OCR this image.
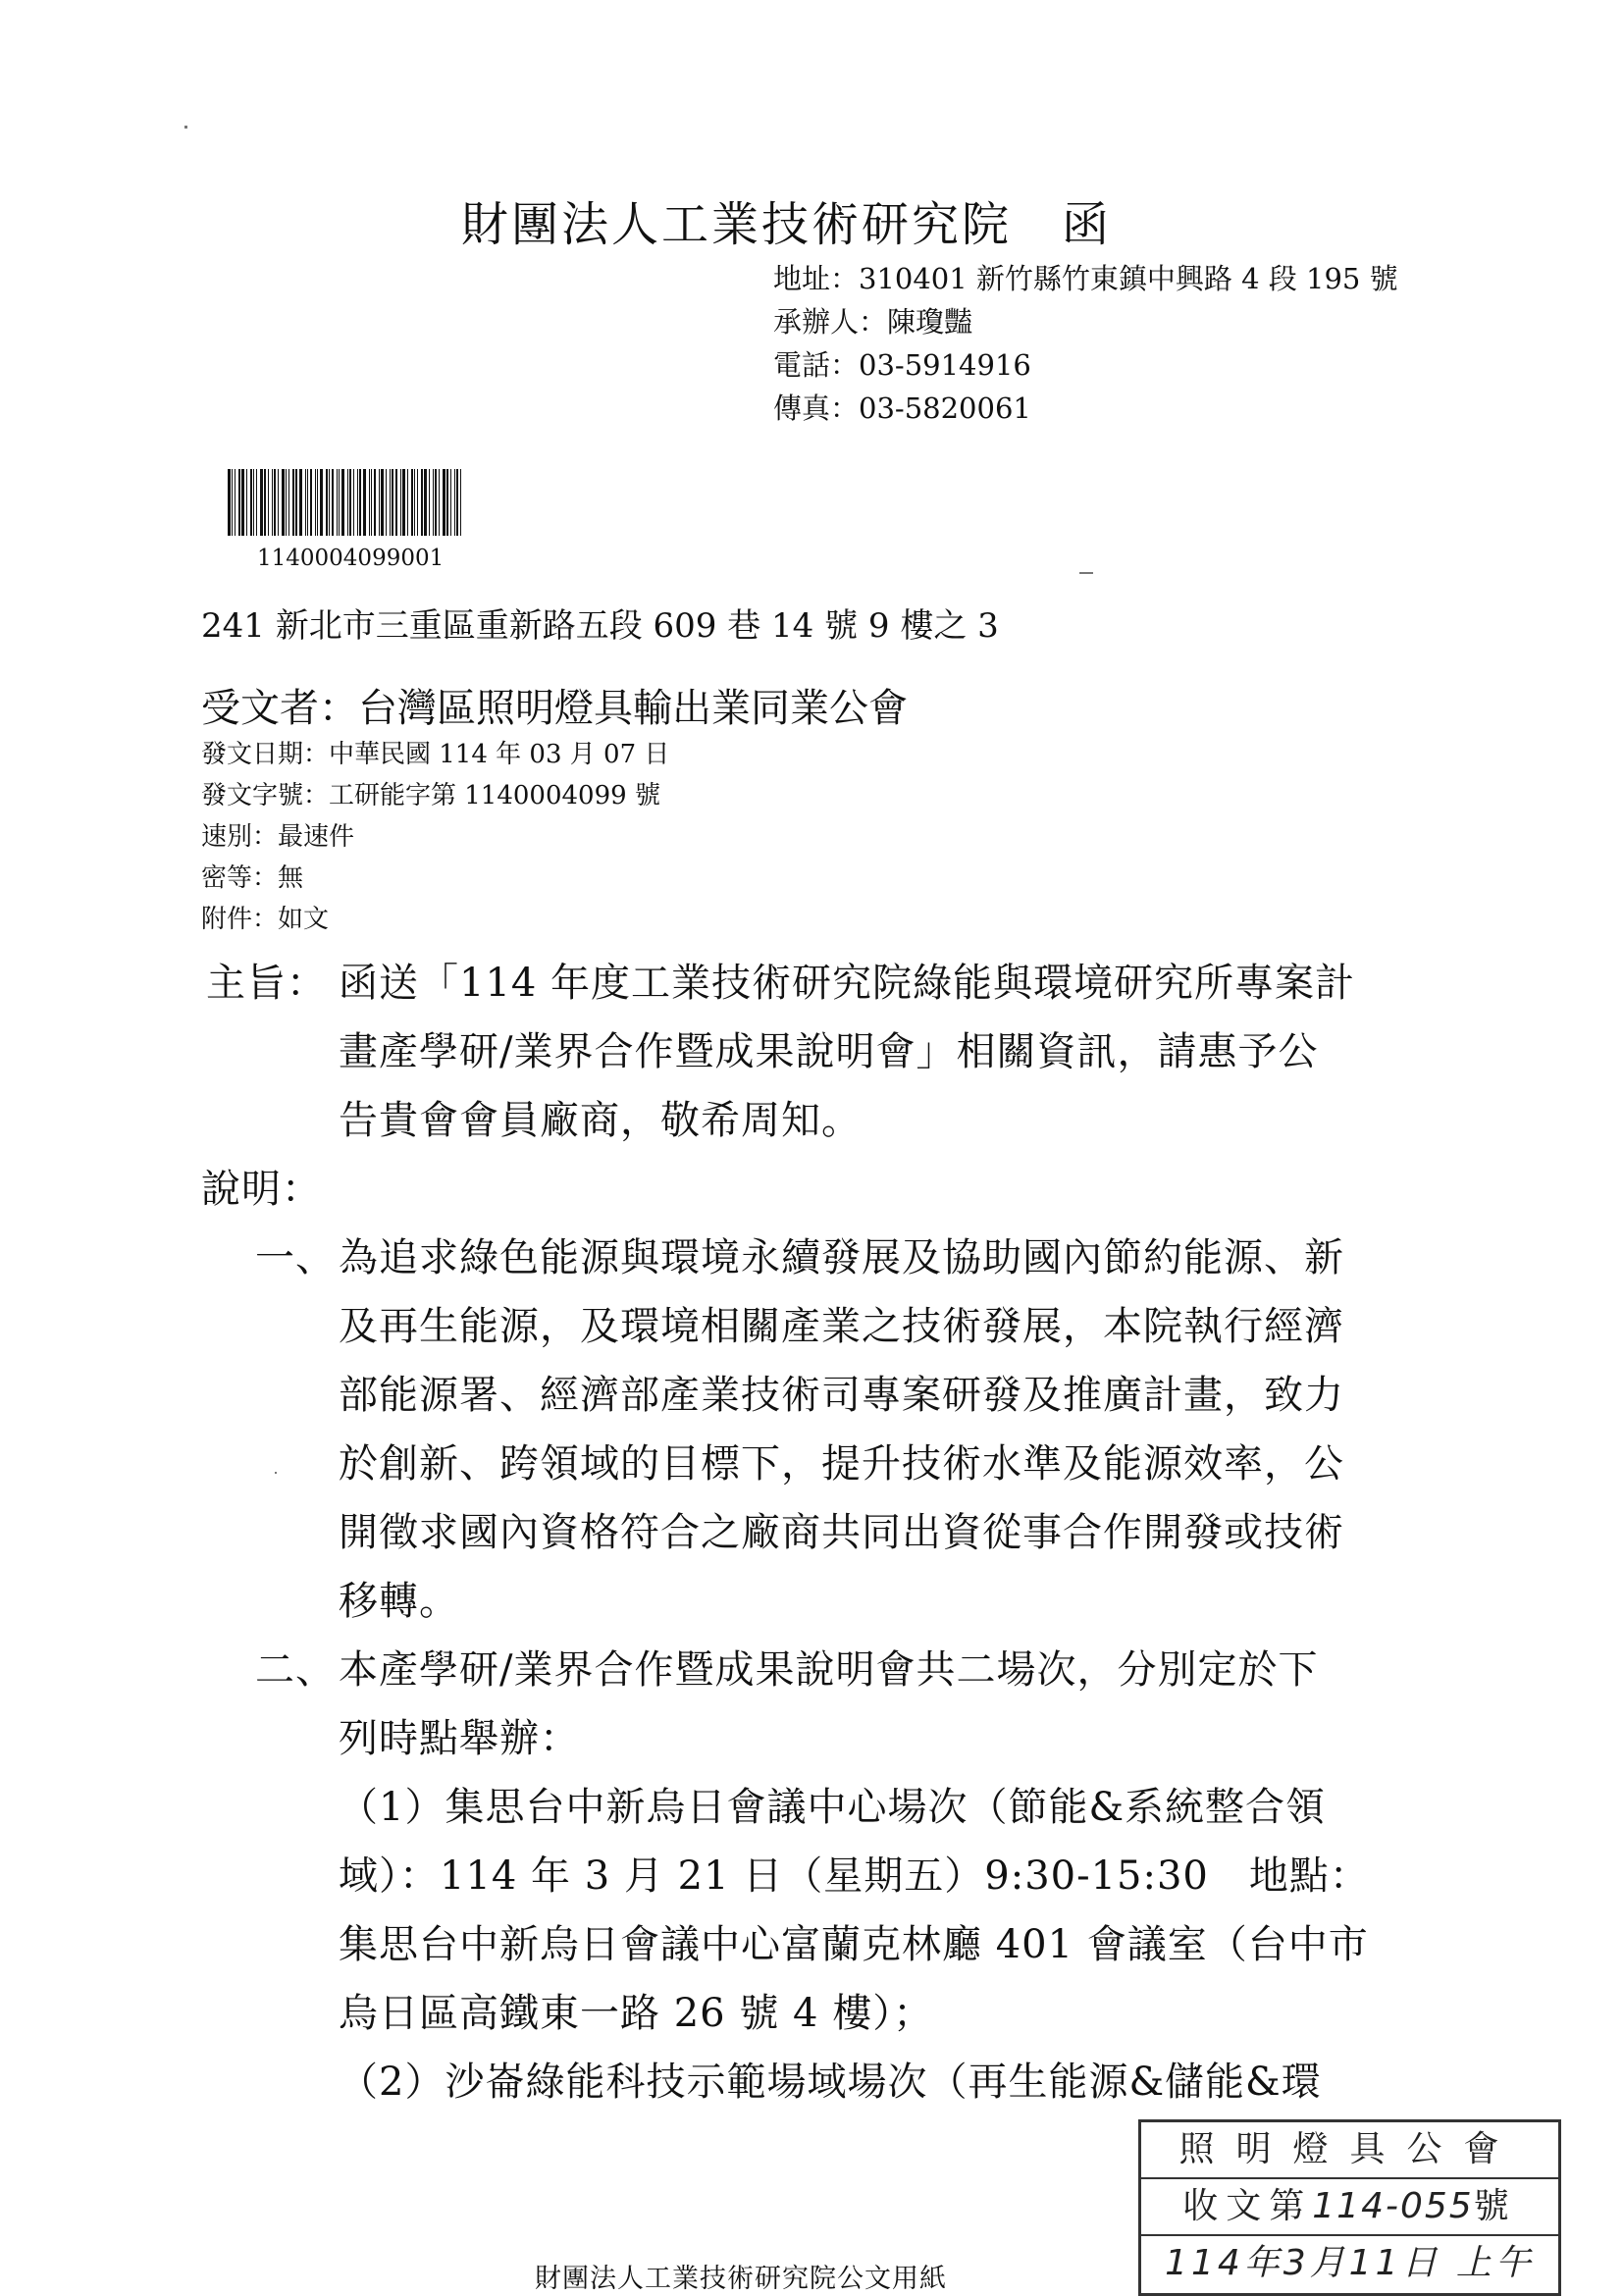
財團法人工業技術研究院　函
地址：310401 新竹縣竹東鎮中興路 4 段 195 號
承辦人：陳瓊豔
電話：03-5914916
傳真：03-5820061
1140004099001
241 新北市三重區重新路五段 609 巷 14 號 9 樓之 3
受文者：台灣區照明燈具輸出業同業公會
發文日期：中華民國 114 年 03 月 07 日
發文字號：工研能字第 1140004099 號
速別：最速件
密等：無
附件：如文
主旨： 函送「114 年度工業技術研究院綠能與環境研究所專案計
畫產學研/業界合作暨成果說明會」相關資訊，請惠予公
告貴會會員廠商，敬希周知。
說明：
一、 為追求綠色能源與環境永續發展及協助國內節約能源、新
及再生能源，及環境相關產業之技術發展，本院執行經濟
部能源署、經濟部產業技術司專案研發及推廣計畫，致力
於創新、跨領域的目標下，提升技術水準及能源效率，公
開徵求國內資格符合之廠商共同出資從事合作開發或技術
移轉。
二、 本產學研/業界合作暨成果說明會共二場次，分別定於下
列時點舉辦：
（1）集思台中新烏日會議中心場次（節能&系統整合領
域）：114 年 3 月 21 日（星期五）9:30-15:30　地點：
集思台中新烏日會議中心富蘭克林廳 401 會議室（台中市
烏日區高鐵東一路 26 號 4 樓）；
（2）沙崙綠能科技示範場域場次（再生能源&儲能&環
照明燈具公會
收文第114-055號
114年3月11日 上午
財團法人工業技術研究院公文用紙
